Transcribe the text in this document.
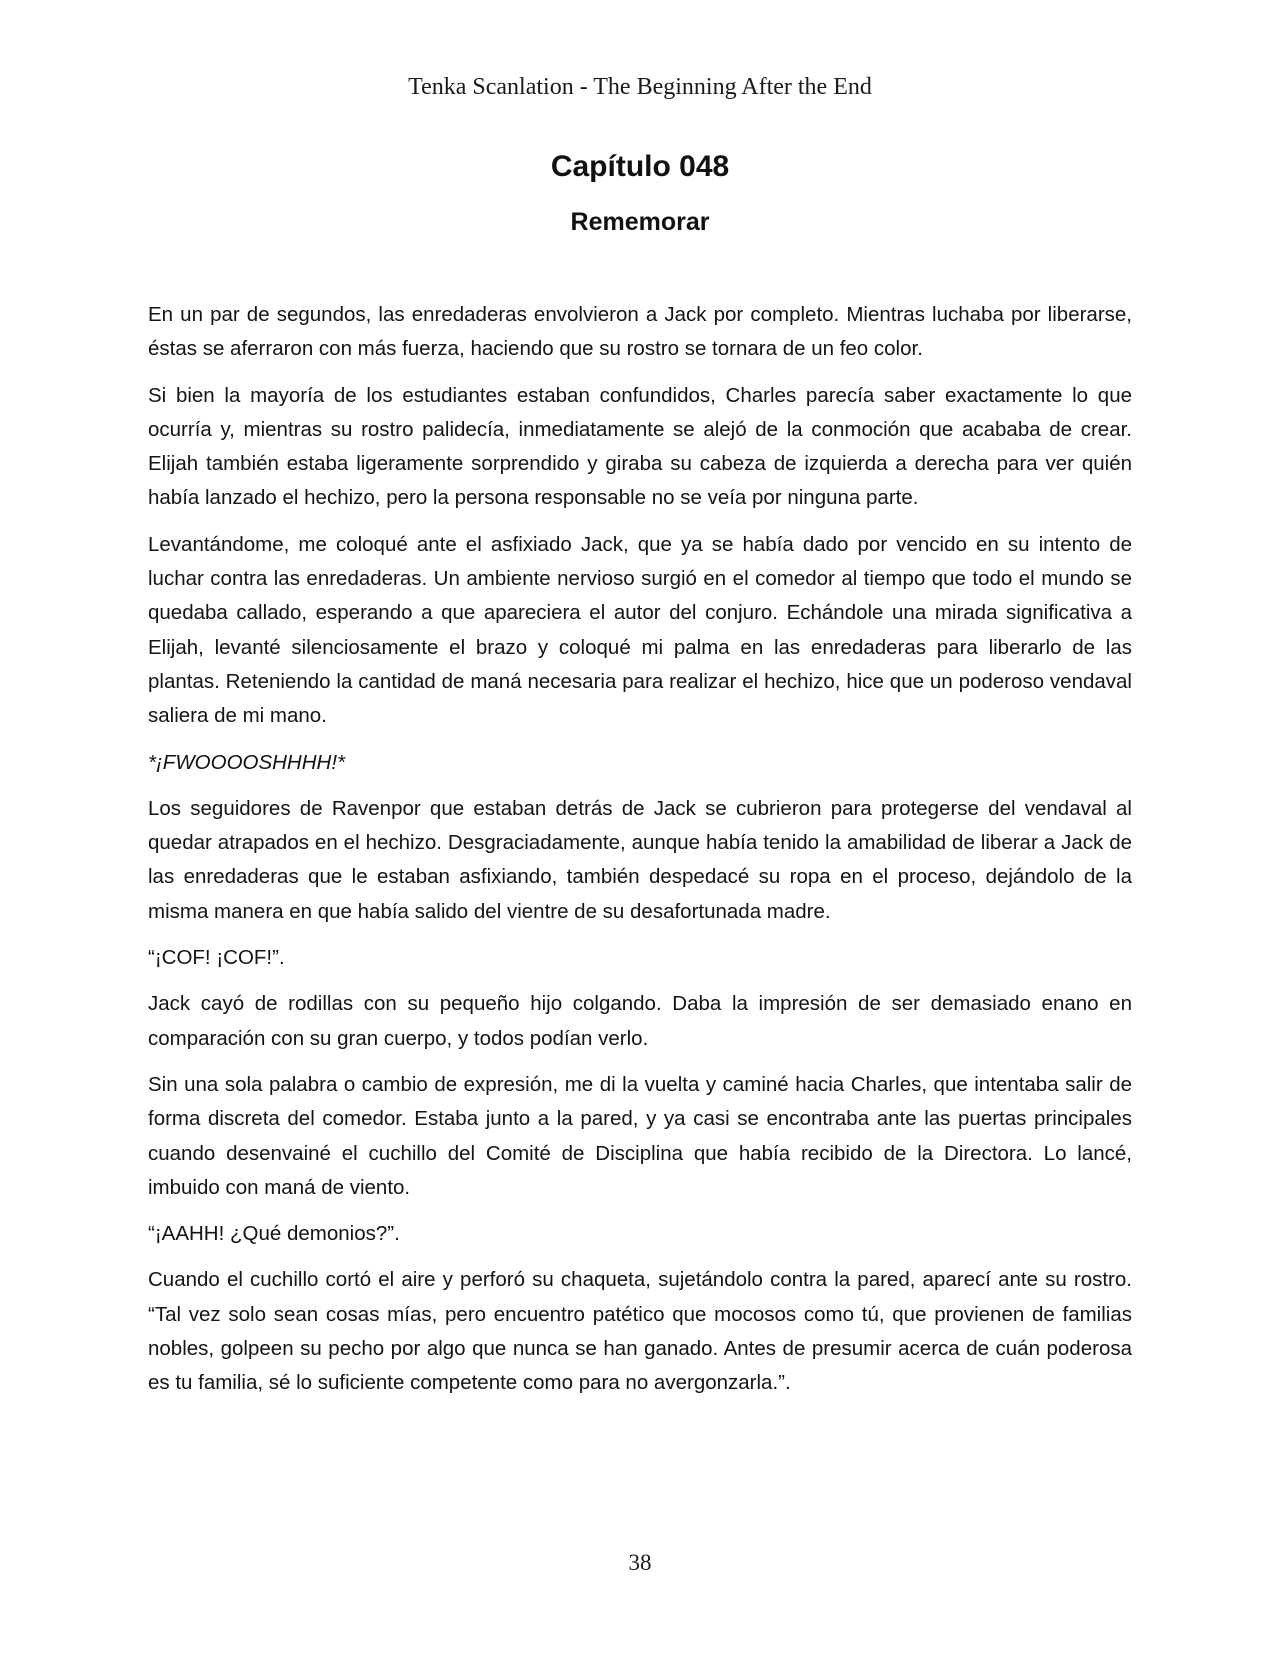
Tenka Scanlation - The Beginning After the End
Capítulo 048
Rememorar

En un par de segundos, las enredaderas envolvieron a Jack por completo. Mientras luchaba por liberarse, éstas se aferraron con más fuerza, haciendo que su rostro se tornara de un feo color.

Si bien la mayoría de los estudiantes estaban confundidos, Charles parecía saber exactamente lo que ocurría y, mientras su rostro palidecía, inmediatamente se alejó de la conmoción que acababa de crear. Elijah también estaba ligeramente sorprendido y giraba su cabeza de izquierda a derecha para ver quién había lanzado el hechizo, pero la persona responsable no se veía por ninguna parte.

Levantándome, me coloqué ante el asfixiado Jack, que ya se había dado por vencido en su intento de luchar contra las enredaderas. Un ambiente nervioso surgió en el comedor al tiempo que todo el mundo se quedaba callado, esperando a que apareciera el autor del conjuro. Echándole una mirada significativa a Elijah, levanté silenciosamente el brazo y coloqué mi palma en las enredaderas para liberarlo de las plantas. Reteniendo la cantidad de maná necesaria para realizar el hechizo, hice que un poderoso vendaval saliera de mi mano.

*¡FWOOOOSHHHH!*

Los seguidores de Ravenpor que estaban detrás de Jack se cubrieron para protegerse del vendaval al quedar atrapados en el hechizo. Desgraciadamente, aunque había tenido la amabilidad de liberar a Jack de las enredaderas que le estaban asfixiando, también despedacé su ropa en el proceso, dejándolo de la misma manera en que había salido del vientre de su desafortunada madre.

“¡COF! ¡COF!”.

Jack cayó de rodillas con su pequeño hijo colgando. Daba la impresión de ser demasiado enano en comparación con su gran cuerpo, y todos podían verlo.

Sin una sola palabra o cambio de expresión, me di la vuelta y caminé hacia Charles, que intentaba salir de forma discreta del comedor. Estaba junto a la pared, y ya casi se encontraba ante las puertas principales cuando desenvainé el cuchillo del Comité de Disciplina que había recibido de la Directora. Lo lancé, imbuido con maná de viento.

“¡AAHH! ¿Qué demonios?”.

Cuando el cuchillo cortó el aire y perforó su chaqueta, sujetándolo contra la pared, aparecí ante su rostro. “Tal vez solo sean cosas mías, pero encuentro patético que mocosos como tú, que provienen de familias nobles, golpeen su pecho por algo que nunca se han ganado. Antes de presumir acerca de cuán poderosa es tu familia, sé lo suficiente competente como para no avergonzarla.”.

38
